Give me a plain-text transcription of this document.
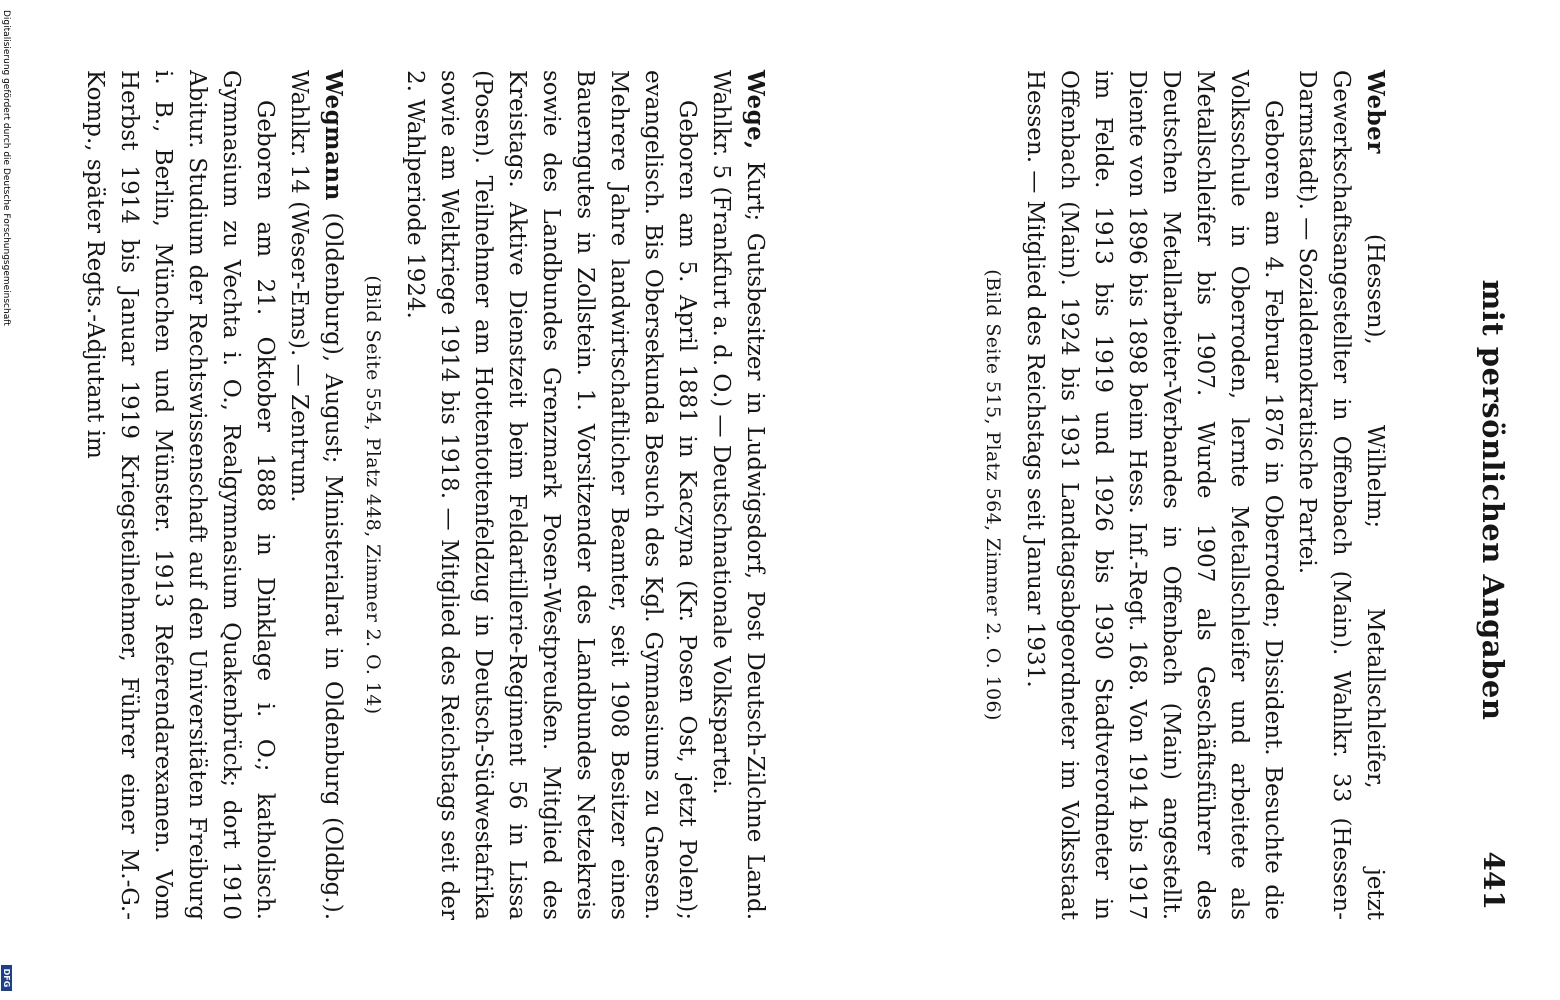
mit persönlichen Angaben
441

Weber (Hessen), Wilhelm; Metallschleifer, jetzt Gewerkschaftsangestellter in Offenbach (Main). Wahlkr. 33 (Hessen-Darmstadt). — Sozialdemokratische Partei.

Geboren am 4. Februar 1876 in Oberroden; Dissident. Besuchte die Volksschule in Oberroden, lernte Metallschleifer und arbeitete als Metallschleifer bis 1907. Wurde 1907 als Geschäftsführer des Deutschen Metallarbeiter-Verbandes in Offenbach (Main) angestellt. Diente von 1896 bis 1898 beim Hess. Inf.-Regt. 168. Von 1914 bis 1917 im Felde. 1913 bis 1919 und 1926 bis 1930 Stadtverordneter in Offenbach (Main). 1924 bis 1931 Landtagsabgeordneter im Volksstaat Hessen. — Mitglied des Reichstags seit Januar 1931.

(Bild Seite 515, Platz 564, Zimmer 2. O. 106)

Wege, Kurt; Gutsbesitzer in Ludwigsdorf, Post Deutsch-Zilchne Land. Wahlkr. 5 (Frankfurt a. d. O.) — Deutschnationale Volkspartei.

Geboren am 5. April 1881 in Kaczyna (Kr. Posen Ost, jetzt Polen); evangelisch. Bis Obersekunda Besuch des Kgl. Gymnasiums zu Gnesen. Mehrere Jahre landwirtschaftlicher Beamter, seit 1908 Besitzer eines Bauerngutes in Zollstein. 1. Vorsitzender des Landbundes Netzekreis sowie des Landbundes Grenzmark Posen-Westpreußen. Mitglied des Kreistags. Aktive Dienstzeit beim Feldartillerie-Regiment 56 in Lissa (Posen). Teilnehmer am Hottentottenfeldzug in Deutsch-Südwestafrika sowie am Weltkriege 1914 bis 1918. — Mitglied des Reichstags seit der 2. Wahlperiode 1924.

(Bild Seite 554, Platz 448, Zimmer 2. O. 14)

Wegmann (Oldenburg), August; Ministerialrat in Oldenburg (Oldbg.). Wahlkr. 14 (Weser-Ems). — Zentrum.

Geboren am 21. Oktober 1888 in Dinklage i. O.; katholisch. Gymnasium zu Vechta i. O., Realgymnasium Quakenbrück; dort 1910 Abitur. Studium der Rechtswissenschaft auf den Universitäten Freiburg i. B., Berlin, München und Münster. 1913 Referendarexamen. Vom Herbst 1914 bis Januar 1919 Kriegsteilnehmer, Führer einer M.-G.-Komp., später Regts.-Adjutant im

Digitalisierung gefördert durch die Deutsche Forschungsgemeinschaft
DFG
